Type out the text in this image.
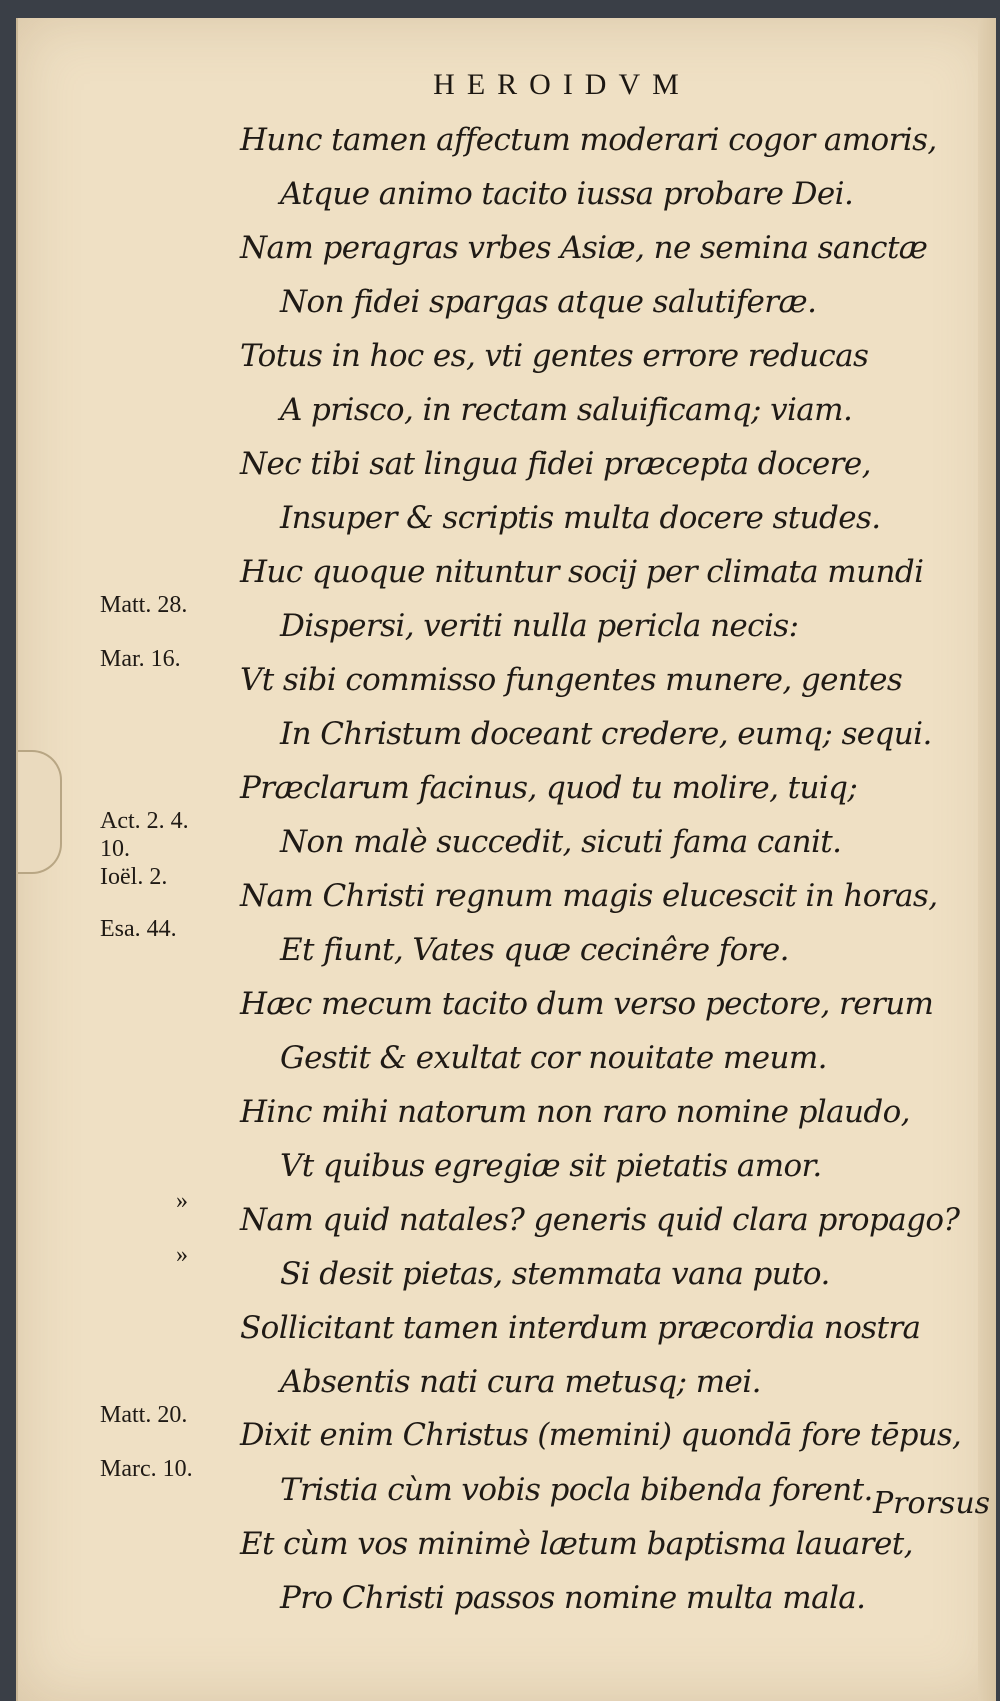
HEROIDVM
Hunc tamen affectum moderari cogor amoris,
Atque animo tacito iussa probare Dei.
Nam peragras vrbes Asiæ, ne semina sanctæ
Non fidei spargas atque salutiferæ.
Totus in hoc es, vti gentes errore reducas
A prisco, in rectam saluificamq; viam.
Nec tibi sat lingua fidei præcepta docere,
Insuper & scriptis multa docere studes.
Huc quoque nituntur socij per climata mundi
Dispersi, veriti nulla pericla necis:
Vt sibi commisso fungentes munere, gentes
In Christum doceant credere, eumq; sequi.
Præclarum facinus, quod tu molire, tuiq;
Non malè succedit, sicuti fama canit.
Nam Christi regnum magis elucescit in horas,
Et fiunt, Vates quæ cecinêre fore.
Hæc mecum tacito dum verso pectore, rerum
Gestit & exultat cor nouitate meum.
Hinc mihi natorum non raro nomine plaudo,
Vt quibus egregiæ sit pietatis amor.
Nam quid natales? generis quid clara propago?
Si desit pietas, stemmata vana puto.
Sollicitant tamen interdum præcordia nostra
Absentis nati cura metusq; mei.
Dixit enim Christus (memini) quondā fore tēpus,
Tristia cùm vobis pocla bibenda forent.
Et cùm vos minimè lætum baptisma lauaret,
Pro Christi passos nomine multa mala.
Matt. 28.
Mar. 16.
Act. 2. 4.
10.
Ioël. 2.
Esa. 44.
»
»
Matt. 20.
Marc. 10.
Prorsus
